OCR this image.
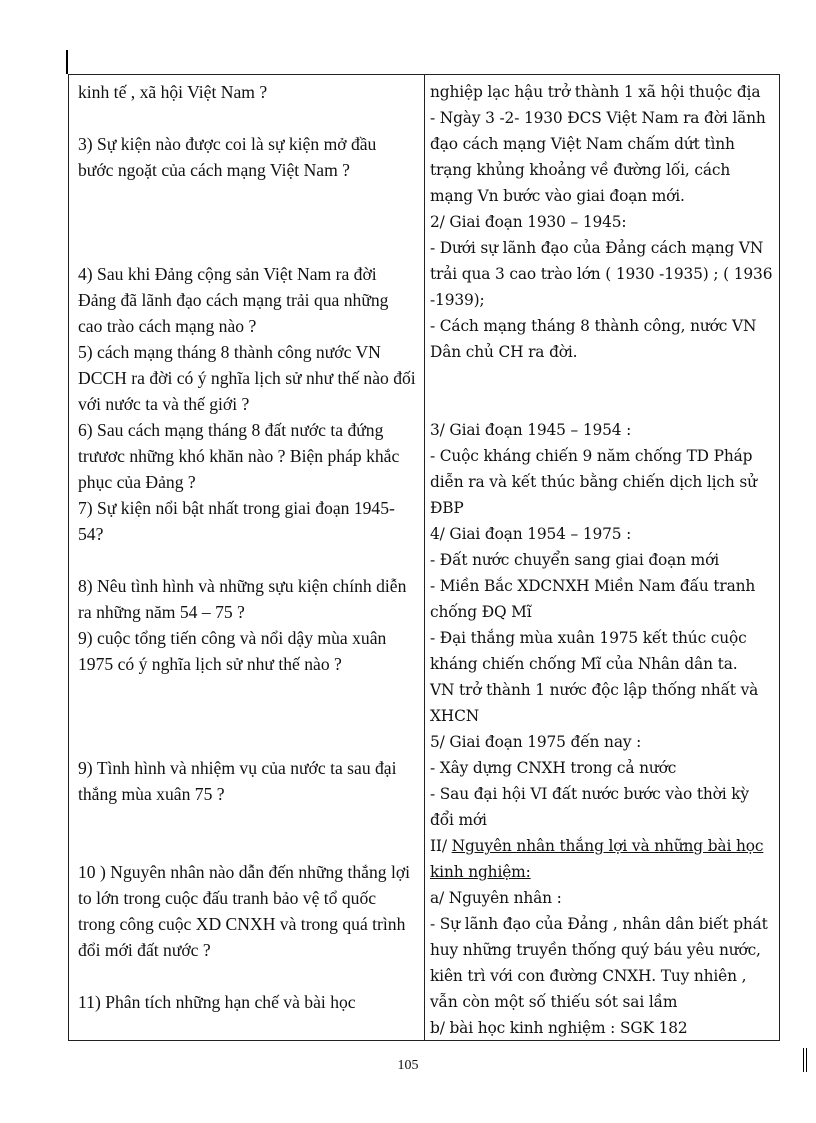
kinh tế , xã hội Việt Nam ?

3) Sự kiện nào được coi là sự kiện mở đầu bước ngoặt của cách mạng Việt Nam ?

4) Sau khi Đảng cộng sản Việt Nam ra đời Đảng đã lãnh đạo cách mạng trải qua những cao trào cách mạng nào ?

5) cách mạng tháng 8 thành công nước VN DCCH ra đời có ý nghĩa lịch sử như thế nào đối với nước ta và thế giới ?

6) Sau cách mạng tháng 8 đất nước ta đứng trưươc những khó khăn nào ? Biện pháp khắc phục của Đảng ?

7) Sự kiện nổi bật nhất trong giai đoạn 1945-54?

8) Nêu tình hình và những sựu kiện chính diễn ra những năm 54 – 75 ?

9) cuộc tổng tiến công và nổi dậy mùa xuân 1975 có ý nghĩa lịch sử như thế nào ?

9) Tình hình và nhiệm vụ của nước ta sau đại thắng mùa xuân 75 ?

10 ) Nguyên nhân nào dẫn đến những thắng lợi to lớn trong cuộc đấu tranh bảo vệ tổ quốc trong công cuộc XD CNXH và trong quá trình đổi mới đất nước ?

11) Phân tích những hạn chế và bài học

nghiệp lạc hậu trở thành 1 xã hội thuộc địa

- Ngày 3 -2- 1930 ĐCS Việt Nam ra đời lãnh đạo cách mạng Việt Nam chấm dứt tình trạng khủng khoảng về đường lối, cách mạng Vn bước vào giai đoạn mới.

2/ Giai đoạn 1930 – 1945:

- Dưới sự lãnh đạo của Đảng cách mạng VN trải qua 3 cao trào lớn ( 1930 -1935) ; ( 1936 -1939);

- Cách mạng tháng 8 thành công, nước VN Dân chủ CH ra đời.

3/ Giai đoạn 1945 – 1954 :

- Cuộc kháng chiến 9 năm chống TD Pháp diễn ra và kết thúc bằng chiến dịch lịch sử ĐBP

4/ Giai đoạn 1954 – 1975 :

- Đất nước chuyển sang giai đoạn mới

- Miền Bắc XDCNXH Miền Nam đấu tranh chống ĐQ Mĩ

- Đại thắng mùa xuân 1975 kết thúc cuộc kháng chiến chống Mĩ của Nhân dân ta.

VN trở thành 1 nước độc lập thống nhất và XHCN

5/ Giai đoạn 1975 đến nay :

- Xây dựng CNXH trong cả nước

- Sau đại hội VI đất nước bước vào thời kỳ đổi mới

II/ Nguyên nhân thắng lợi và những bài học kinh nghiệm:

a/ Nguyên nhân :

- Sự lãnh đạo của Đảng , nhân dân biết phát huy những truyền thống quý báu yêu nước, kiên trì với con đường CNXH. Tuy nhiên , vẫn còn một số thiếu sót sai lầm

b/ bài học kinh nghiệm : SGK 182

105
